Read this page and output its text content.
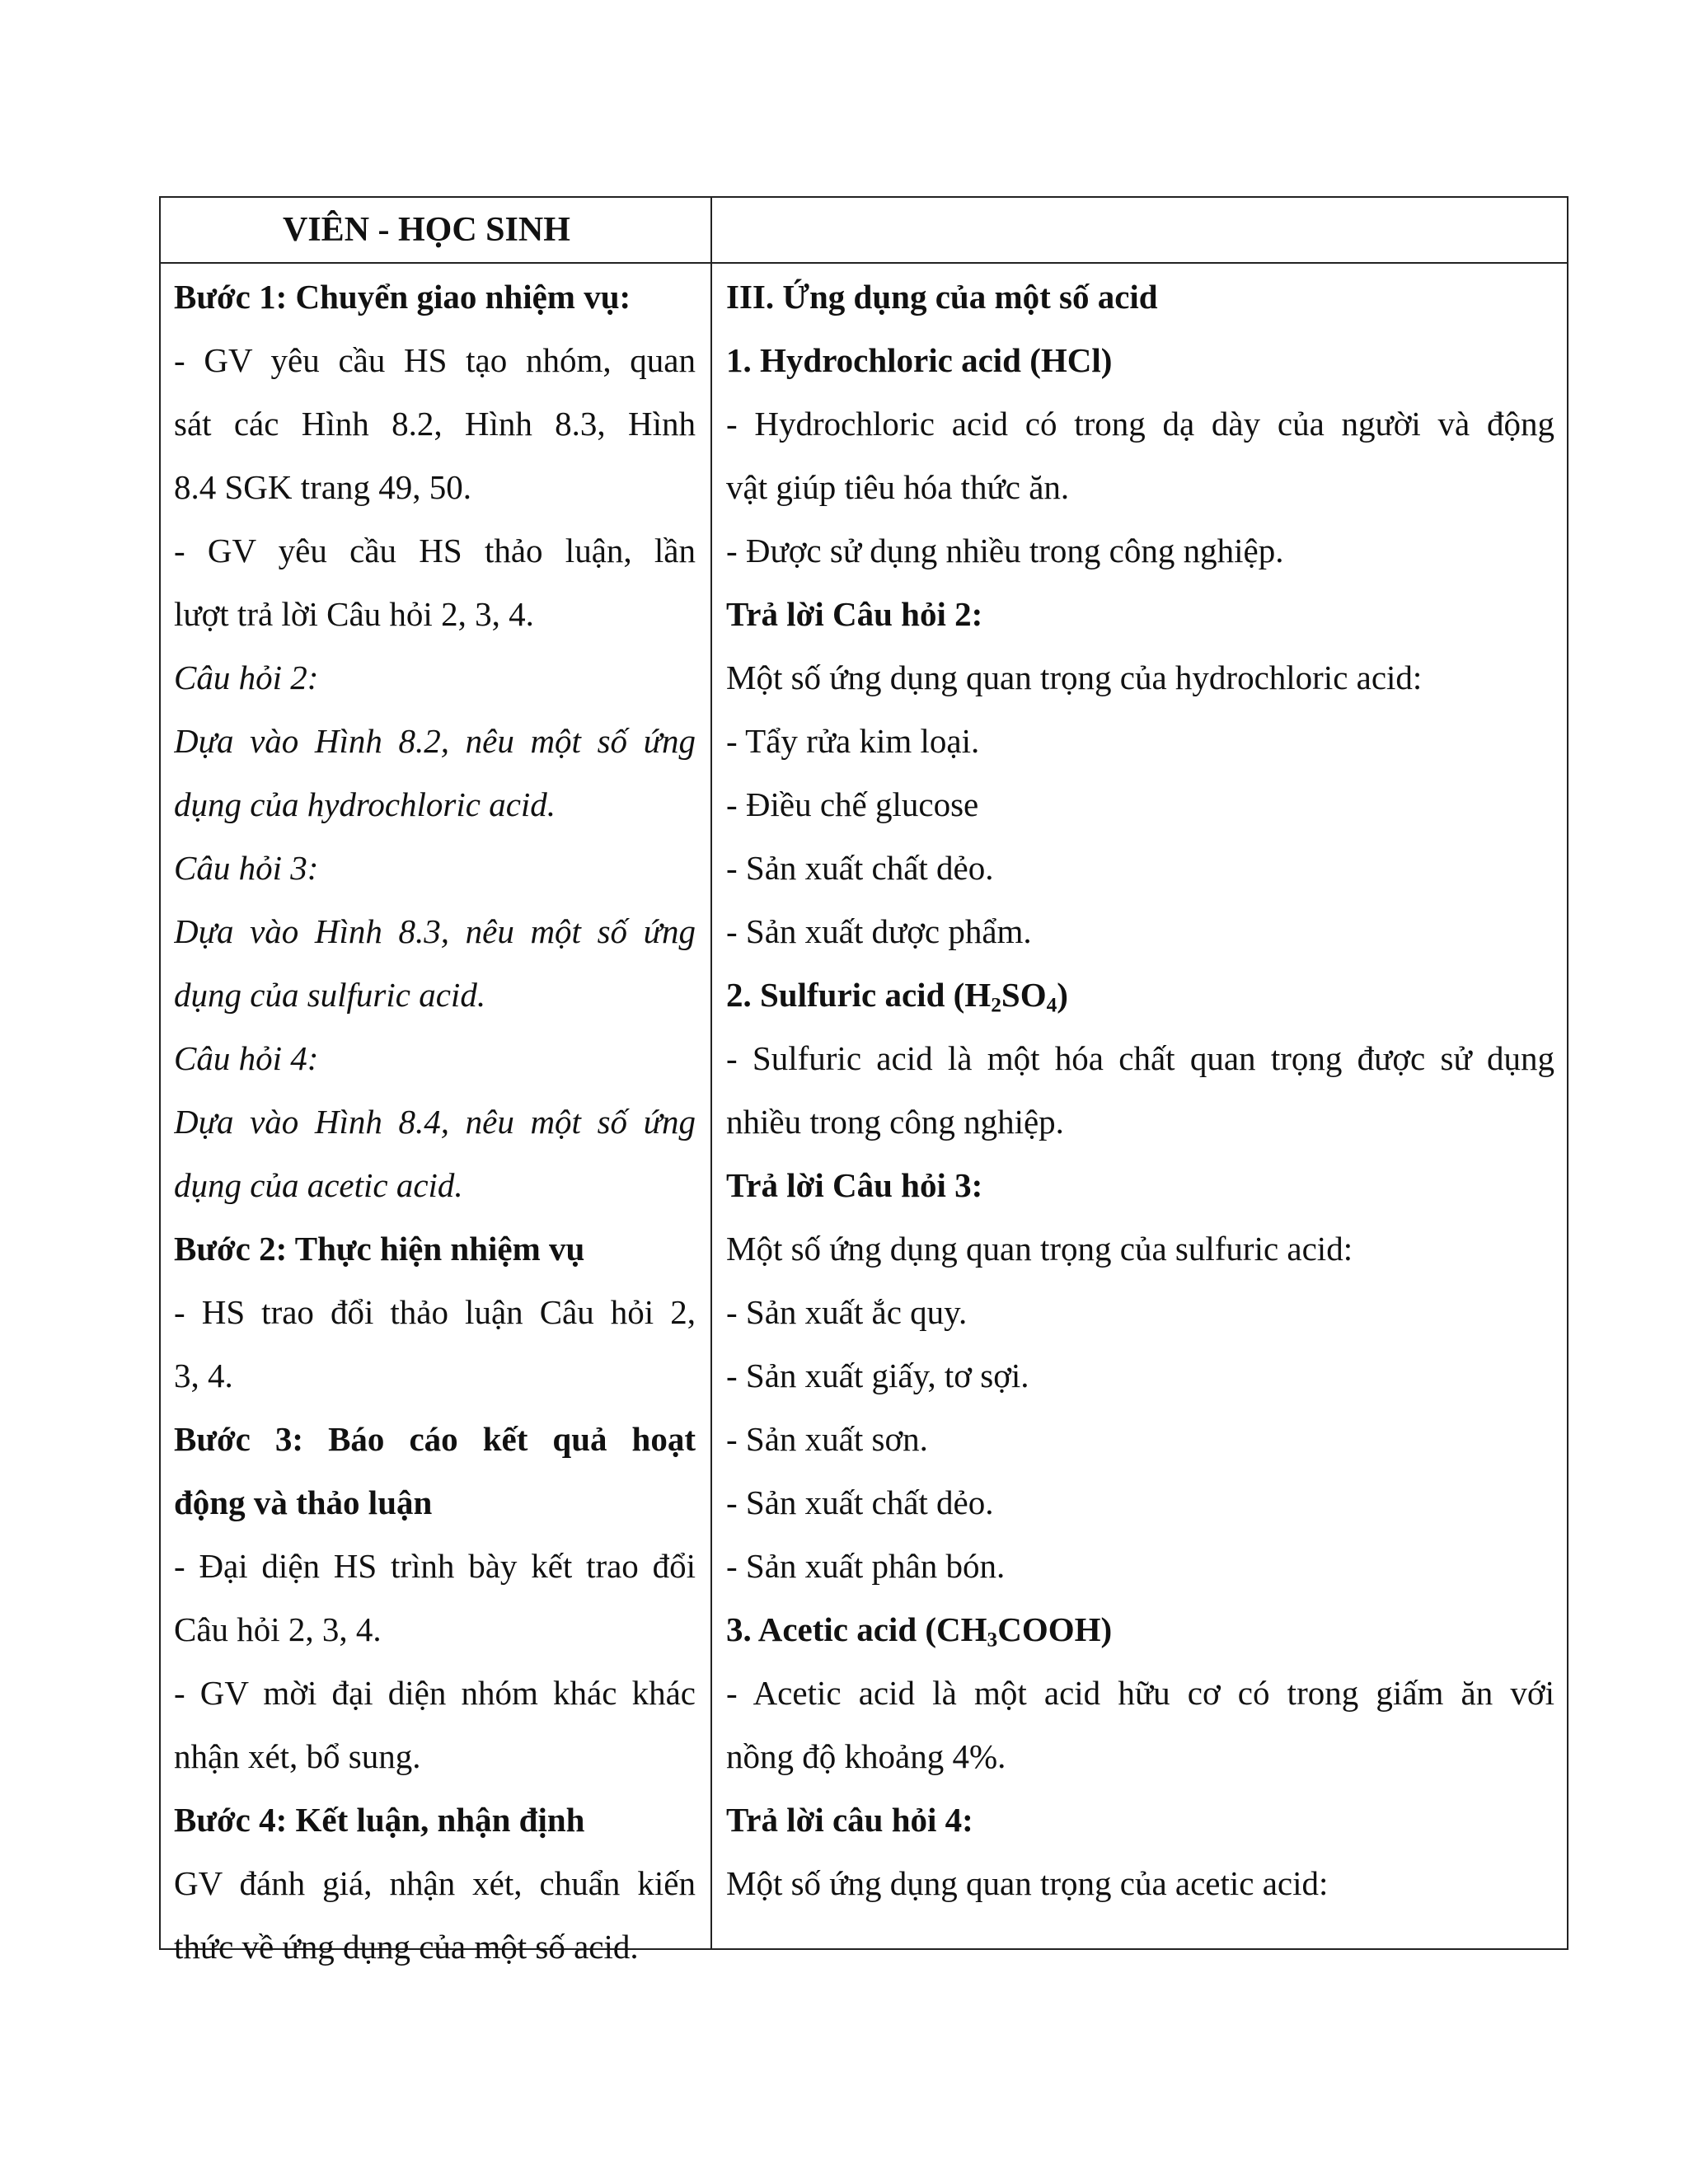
VIÊN - HỌC SINH
Bước 1: Chuyển giao nhiệm vụ:
- GV yêu cầu HS tạo nhóm, quan
sát các Hình 8.2, Hình 8.3, Hình
8.4 SGK trang 49, 50.
- GV yêu cầu HS thảo luận, lần
lượt trả lời Câu hỏi 2, 3, 4.
Câu hỏi 2:
Dựa vào Hình 8.2, nêu một số ứng
dụng của hydrochloric acid.
Câu hỏi 3:
Dựa vào Hình 8.3, nêu một số ứng
dụng của sulfuric acid.
Câu hỏi 4:
Dựa vào Hình 8.4, nêu một số ứng
dụng của acetic acid.
Bước 2: Thực hiện nhiệm vụ
- HS trao đổi thảo luận Câu hỏi 2,
3, 4.
Bước 3: Báo cáo kết quả hoạt
động và thảo luận
- Đại diện HS trình bày kết trao đổi
Câu hỏi 2, 3, 4.
- GV mời đại diện nhóm khác khác
nhận xét, bổ sung.
Bước 4: Kết luận, nhận định
GV đánh giá, nhận xét, chuẩn kiến
thức về ứng dụng của một số acid.
III. Ứng dụng của một số acid
1. Hydrochloric acid (HCl)
- Hydrochloric acid có trong dạ dày của người và động
vật giúp tiêu hóa thức ăn.
- Được sử dụng nhiều trong công nghiệp.
Trả lời Câu hỏi 2:
Một số ứng dụng quan trọng của hydrochloric acid:
- Tẩy rửa kim loại.
- Điều chế glucose
- Sản xuất chất dẻo.
- Sản xuất dược phẩm.
2. Sulfuric acid $(H_2SO_4)$
- Sulfuric acid là một hóa chất quan trọng được sử dụng
nhiều trong công nghiệp.
Trả lời Câu hỏi 3:
Một số ứng dụng quan trọng của sulfuric acid:
- Sản xuất ắc quy.
- Sản xuất giấy, tơ sợi.
- Sản xuất sơn.
- Sản xuất chất dẻo.
- Sản xuất phân bón.
3. Acetic acid $(CH_3COOH)$
- Acetic acid là một acid hữu cơ có trong giấm ăn với
nồng độ khoảng 4%.
Trả lời câu hỏi 4:
Một số ứng dụng quan trọng của acetic acid:
